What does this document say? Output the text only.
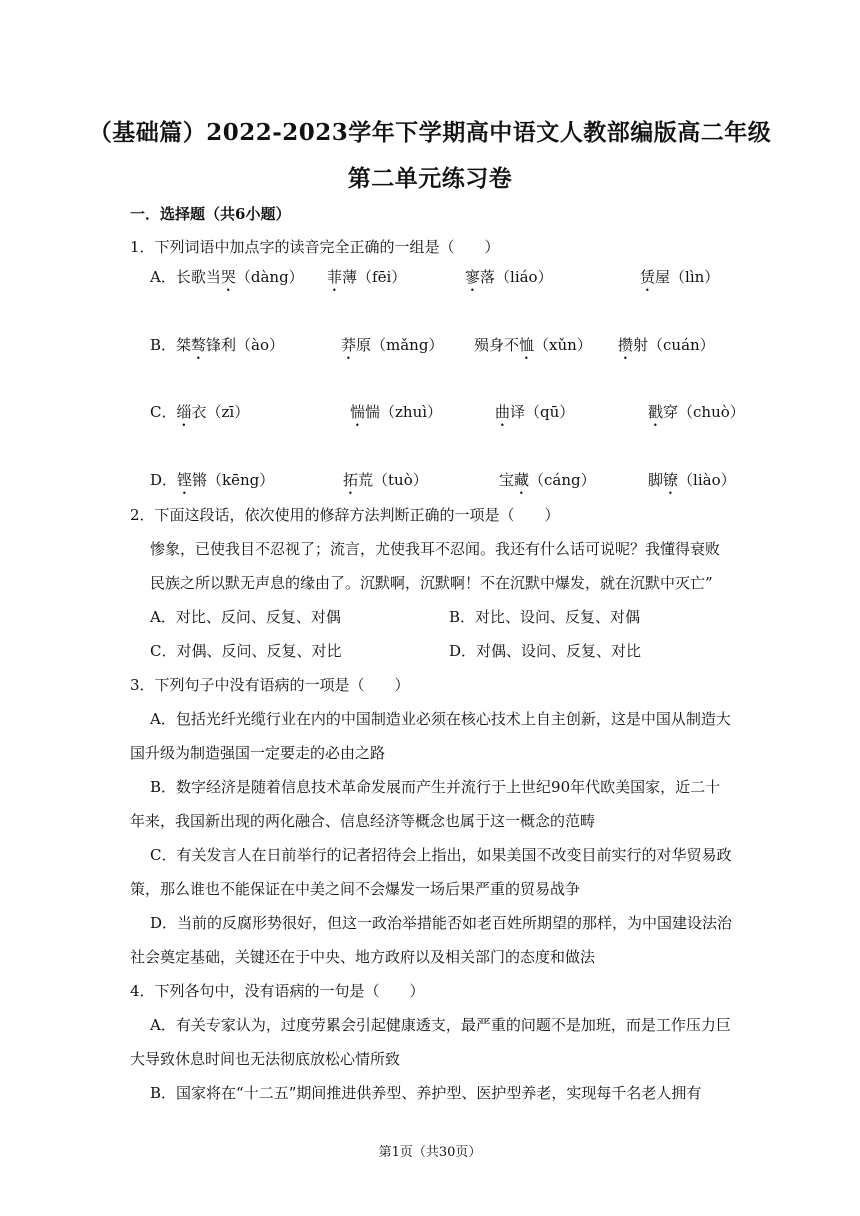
（基础篇）2022-2023学年下学期高中语文人教部编版高二年级
第二单元练习卷
一．选择题（共6小题）
1．下列词语中加点字的读音完全正确的一组是（　　）
A．长歌当哭（dàng） 菲薄（fēi）	寥落（liáo）	赁屋（lìn）
B．桀骜锋利（ào）	莽原（mǎng） 殒身不恤（xǔn） 攒射（cuán）
C．缁衣（zī）	惴惴（zhuì）	曲译（qū）	戳穿（chuò）
D．铿锵（kēng）	拓荒（tuò）	宝藏（cáng）	脚镣（liào）
2．下面这段话，依次使用的修辞方法判断正确的一项是（　　）
惨象，已使我目不忍视了；流言，尤使我耳不忍闻。我还有什么话可说呢？我懂得衰败
民族之所以默无声息的缘由了。沉默啊，沉默啊！不在沉默中爆发，就在沉默中灭亡”
A．对比、反问、反复、对偶	B．对比、设问、反复、对偶
C．对偶、反问、反复、对比	D．对偶、设问、反复、对比
3．下列句子中没有语病的一项是（　　）
A．包括光纤光缆行业在内的中国制造业必须在核心技术上自主创新，这是中国从制造大
国升级为制造强国一定要走的必由之路
B．数字经济是随着信息技术革命发展而产生并流行于上世纪90年代欧美国家，近二十
年来，我国新出现的两化融合、信息经济等概念也属于这一概念的范畴
C．有关发言人在日前举行的记者招待会上指出，如果美国不改变目前实行的对华贸易政
策，那么谁也不能保证在中美之间不会爆发一场后果严重的贸易战争
D．当前的反腐形势很好，但这一政治举措能否如老百姓所期望的那样，为中国建设法治
社会奠定基础，关键还在于中央、地方政府以及相关部门的态度和做法
4．下列各句中，没有语病的一句是（　　）
A．有关专家认为，过度劳累会引起健康透支，最严重的问题不是加班，而是工作压力巨
大导致休息时间也无法彻底放松心情所致
B．国家将在“十二五”期间推进供养型、养护型、医护型养老，实现每千名老人拥有
第1页（共30页）
